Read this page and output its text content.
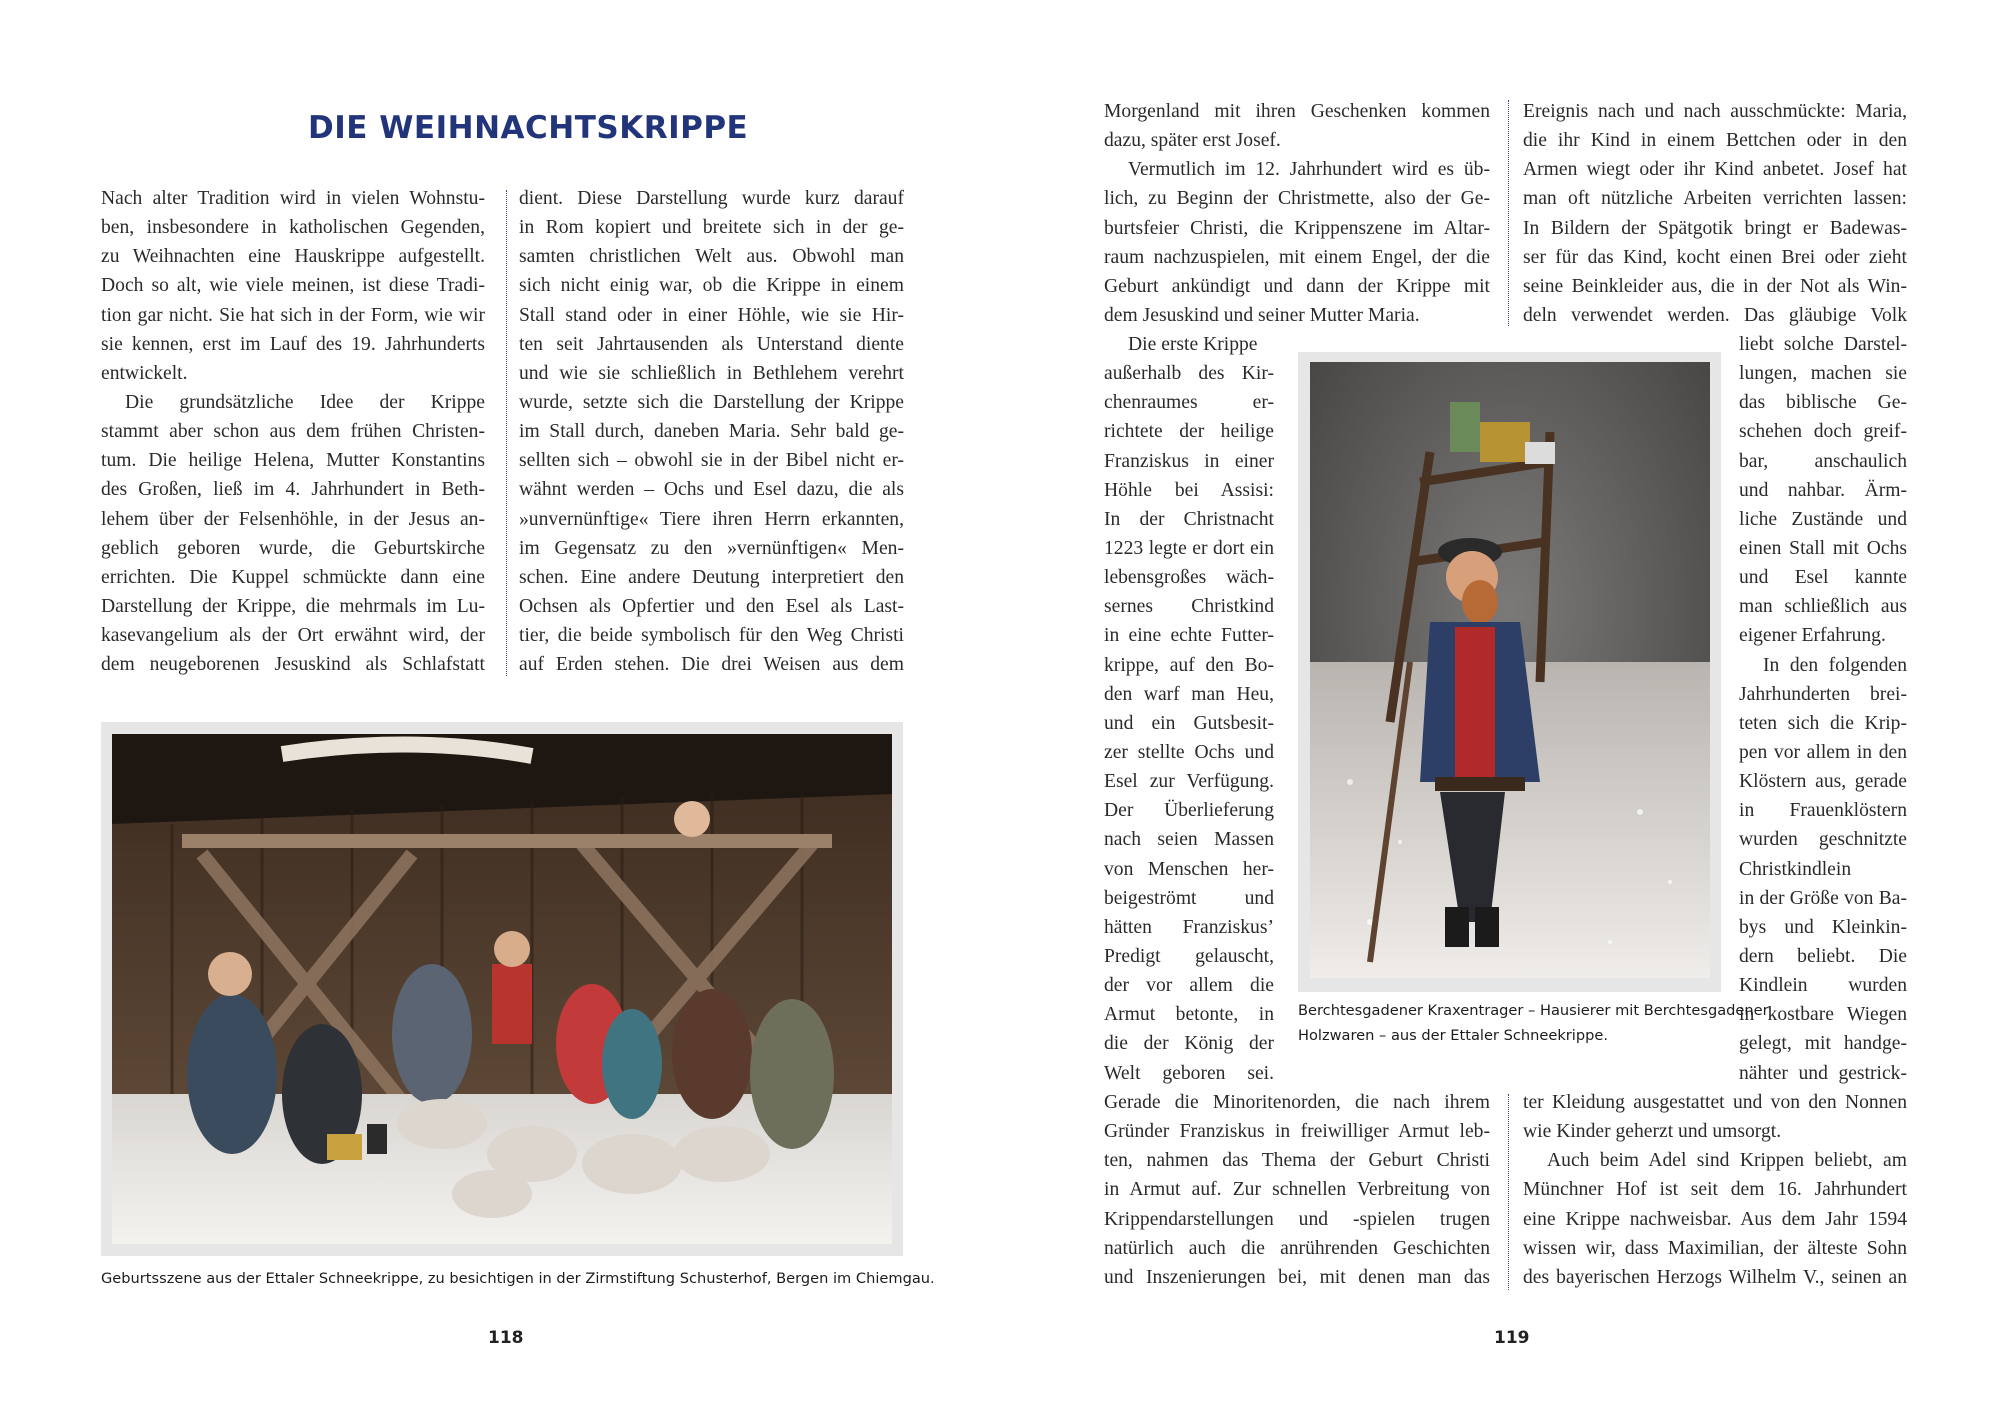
DIE WEIHNACHTSKRIPPE
Nach alter Tradition wird in vielen Wohnstu-
ben, insbesondere in katholischen Gegenden,
zu Weihnachten eine Hauskrippe aufgestellt.
Doch so alt, wie viele meinen, ist diese Tradi-
tion gar nicht. Sie hat sich in der Form, wie wir
sie kennen, erst im Lauf des 19. Jahrhunderts
entwickelt.
Die grundsätzliche Idee der Krippe
stammt aber schon aus dem frühen Christen-
tum. Die heilige Helena, Mutter Konstantins
des Großen, ließ im 4. Jahrhundert in Beth-
lehem über der Felsenhöhle, in der Jesus an-
geblich geboren wurde, die Geburtskirche
errichten. Die Kuppel schmückte dann eine
Darstellung der Krippe, die mehrmals im Lu-
kasevangelium als der Ort erwähnt wird, der
dem neugeborenen Jesuskind als Schlafstatt
dient. Diese Darstellung wurde kurz darauf
in Rom kopiert und breitete sich in der ge-
samten christlichen Welt aus. Obwohl man
sich nicht einig war, ob die Krippe in einem
Stall stand oder in einer Höhle, wie sie Hir-
ten seit Jahrtausenden als Unterstand diente
und wie sie schließlich in Bethlehem verehrt
wurde, setzte sich die Darstellung der Krippe
im Stall durch, daneben Maria. Sehr bald ge-
sellten sich – obwohl sie in der Bibel nicht er-
wähnt werden – Ochs und Esel dazu, die als
»unvernünftige« Tiere ihren Herrn erkannten,
im Gegensatz zu den »vernünftigen« Men-
schen. Eine andere Deutung interpretiert den
Ochsen als Opfertier und den Esel als Last-
tier, die beide symbolisch für den Weg Christi
auf Erden stehen. Die drei Weisen aus dem
Geburtsszene aus der Ettaler Schneekrippe, zu besichtigen in der Zirmstiftung Schusterhof, Bergen im Chiemgau.
118
Morgenland mit ihren Geschenken kommen
dazu, später erst Josef.
Vermutlich im 12. Jahrhundert wird es üb-
lich, zu Beginn der Christmette, also der Ge-
burtsfeier Christi, die Krippenszene im Altar-
raum nachzuspielen, mit einem Engel, der die
Geburt ankündigt und dann der Krippe mit
dem Jesuskind und seiner Mutter Maria.
Die erste Krippe
außerhalb des Kir-
chenraumes er-
richtete der heilige
Franziskus in einer
Höhle bei Assisi:
In der Christnacht
1223 legte er dort ein
lebensgroßes wäch-
sernes Christkind
in eine echte Futter-
krippe, auf den Bo-
den warf man Heu,
und ein Gutsbesit-
zer stellte Ochs und
Esel zur Verfügung.
Der Überlieferung
nach seien Massen
von Menschen her-
beigeströmt und
hätten Franziskus’
Predigt gelauscht,
der vor allem die
Armut betonte, in
die der König der
Welt geboren sei.
Gerade die Minoritenorden, die nach ihrem
Gründer Franziskus in freiwilliger Armut leb-
ten, nahmen das Thema der Geburt Christi
in Armut auf. Zur schnellen Verbreitung von
Krippendarstellungen und -spielen trugen
natürlich auch die anrührenden Geschichten
und Inszenierungen bei, mit denen man das
Ereignis nach und nach ausschmückte: Maria,
die ihr Kind in einem Bettchen oder in den
Armen wiegt oder ihr Kind anbetet. Josef hat
man oft nützliche Arbeiten verrichten lassen:
In Bildern der Spätgotik bringt er Badewas-
ser für das Kind, kocht einen Brei oder zieht
seine Beinkleider aus, die in der Not als Win-
deln verwendet werden. Das gläubige Volk
liebt solche Darstel-
lungen, machen sie
das biblische Ge-
schehen doch greif-
bar, anschaulich
und nahbar. Ärm-
liche Zustände und
einen Stall mit Ochs
und Esel kannte
man schließlich aus
eigener Erfahrung.
In den folgenden
Jahrhunderten brei-
teten sich die Krip-
pen vor allem in den
Klöstern aus, gerade
in Frauenklöstern
wurden geschnitzte
Christkindlein
in der Größe von Ba-
bys und Kleinkin-
dern beliebt. Die
Kindlein wurden
in kostbare Wiegen
gelegt, mit handge-
nähter und gestrick-
ter Kleidung ausgestattet und von den Nonnen
wie Kinder geherzt und umsorgt.
Auch beim Adel sind Krippen beliebt, am
Münchner Hof ist seit dem 16. Jahrhundert
eine Krippe nachweisbar. Aus dem Jahr 1594
wissen wir, dass Maximilian, der älteste Sohn
des bayerischen Herzogs Wilhelm V., seinen an
Berchtesgadener Kraxentrager – Hausierer mit Berchtesgadener
Holzwaren – aus der Ettaler Schneekrippe.
119
